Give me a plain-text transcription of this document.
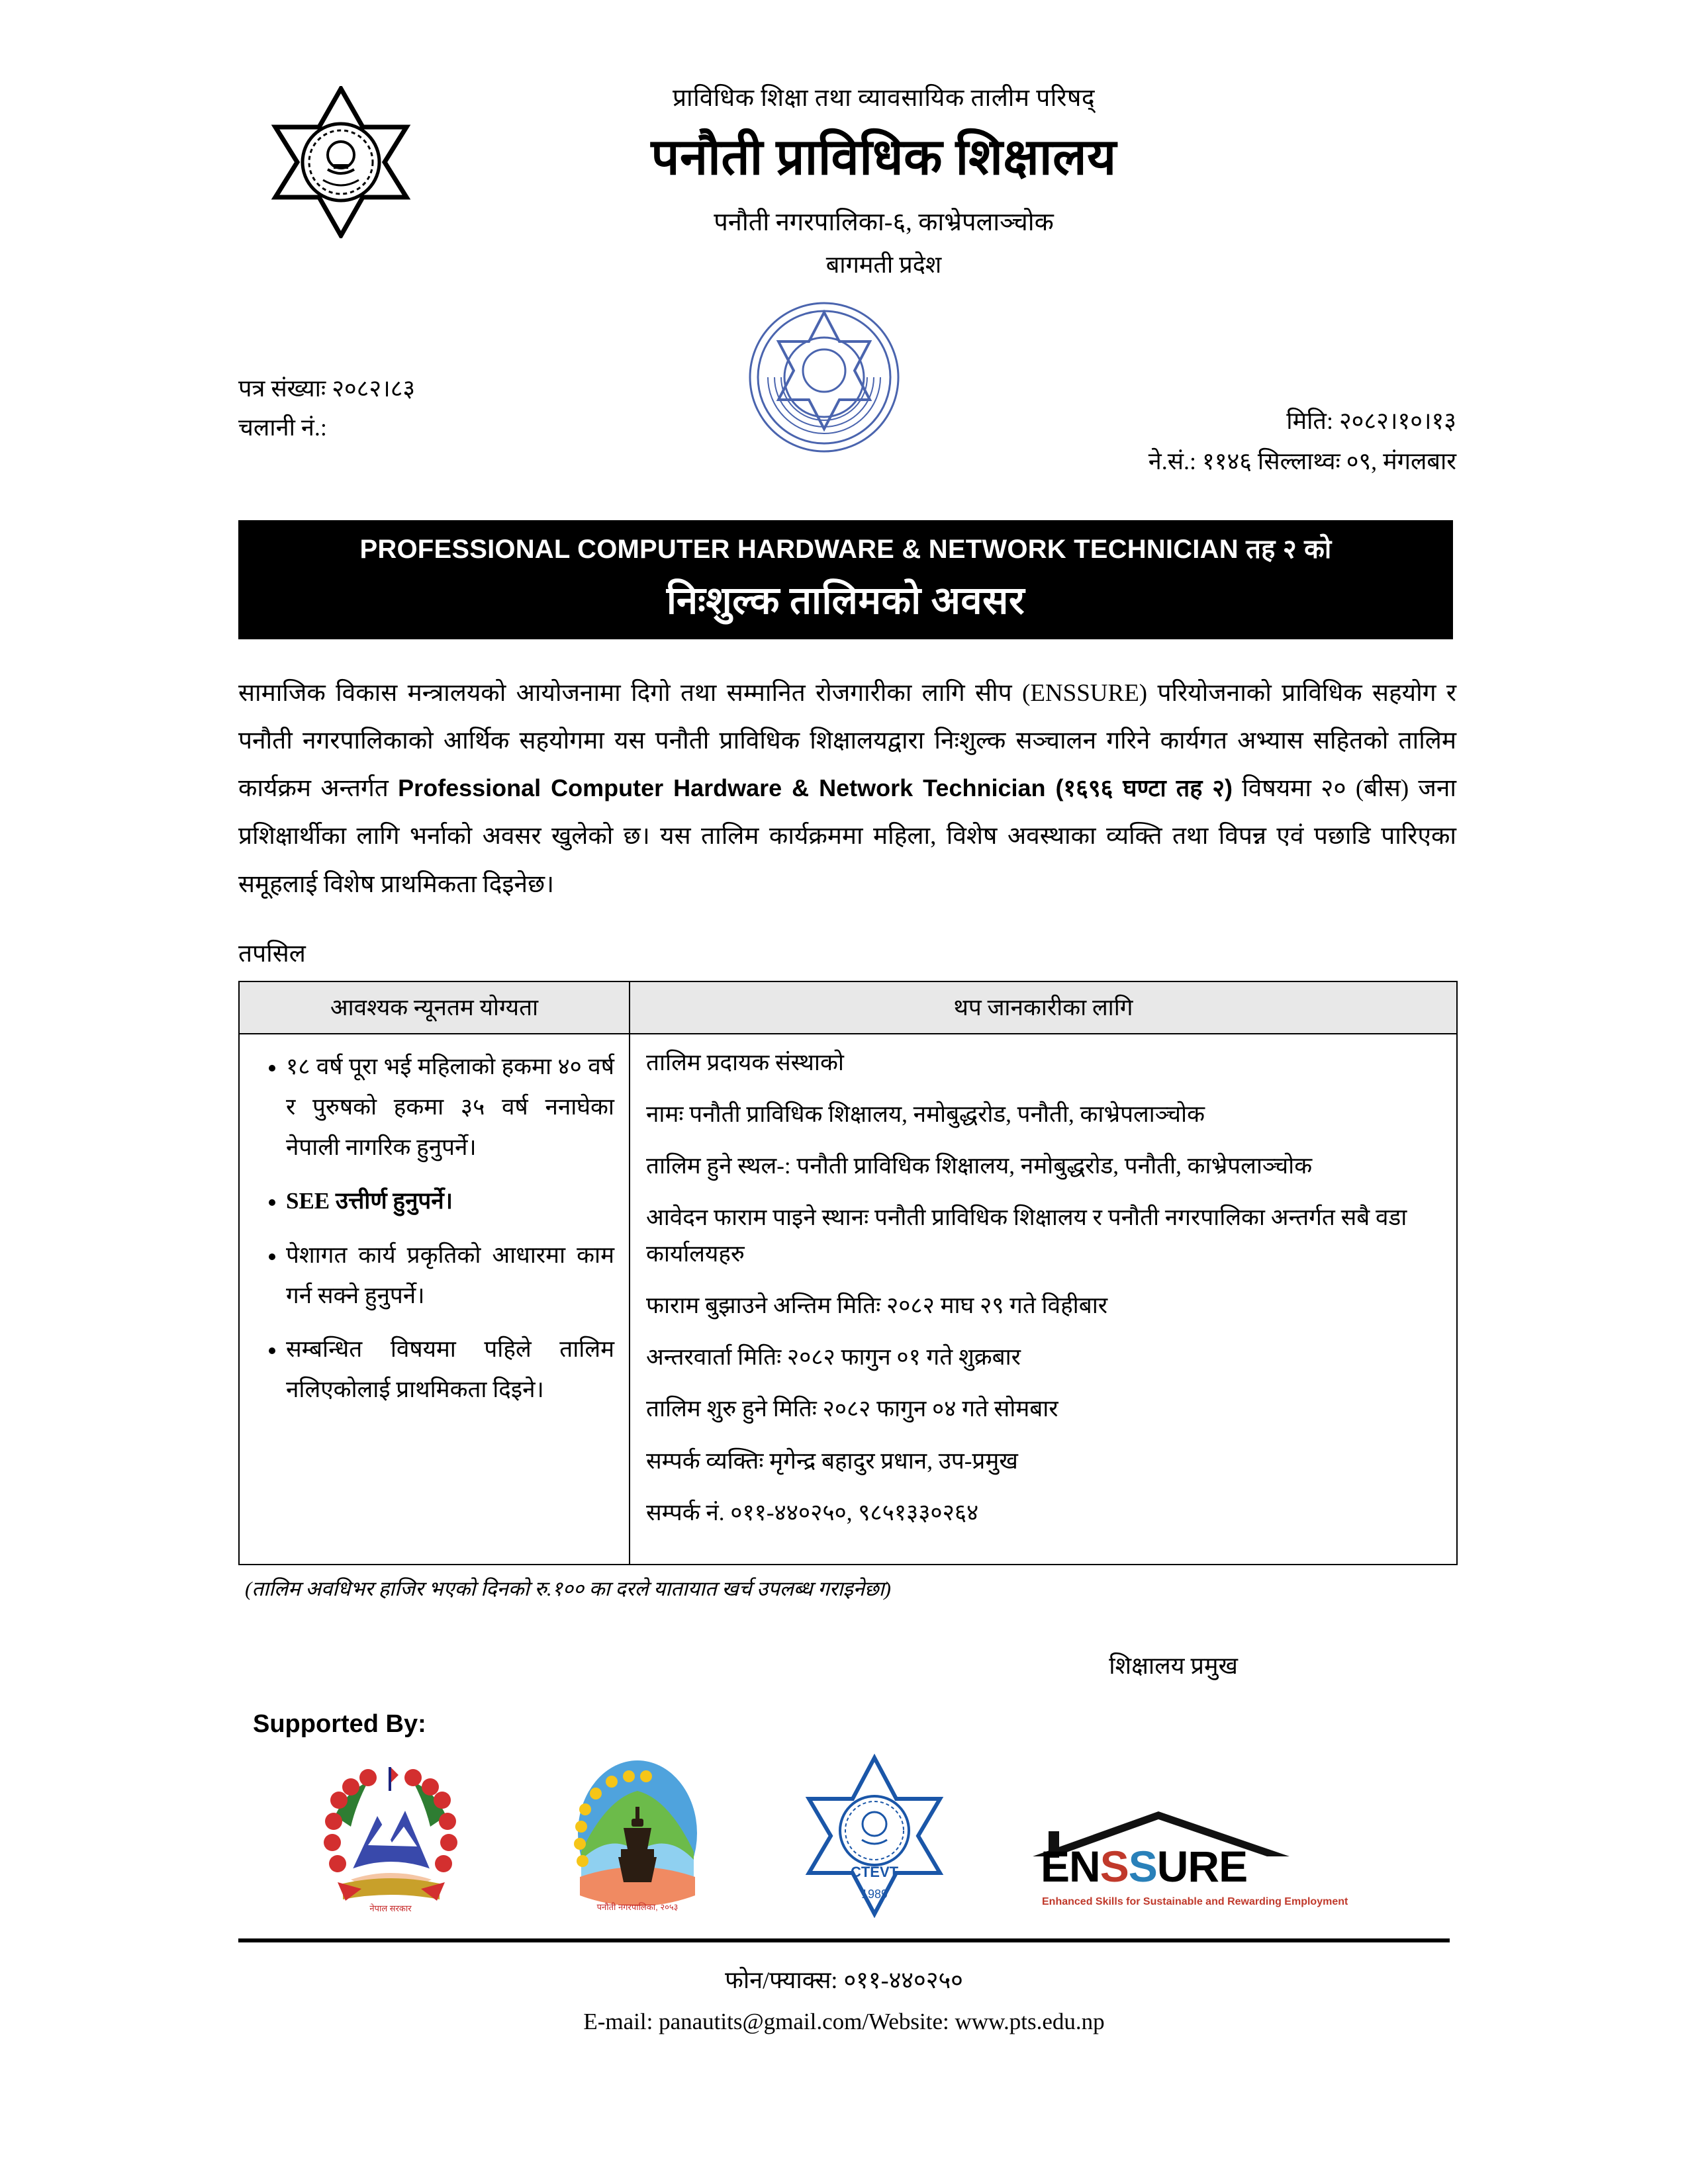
प्राविधिक शिक्षा तथा व्यावसायिक तालीम परिषद्
पनौती प्राविधिक शिक्षालय
पनौती नगरपालिका-६, काभ्रेपलाञ्चोक
बागमती प्रदेश
पत्र संख्याः २०८२।८३
चलानी नं.:	मिति: २०८२।१०।१३
ने.सं.: ११४६ सिल्लाथ्वः ०९, मंगलबार
PROFESSIONAL COMPUTER HARDWARE & NETWORK TECHNICIAN तह २ को
निःशुल्क तालिमको अवसर
सामाजिक विकास मन्त्रालयको आयोजनामा दिगो तथा सम्मानित रोजगारीका लागि सीप (ENSSURE) परियोजनाको प्राविधिक सहयोग र पनौती नगरपालिकाको आर्थिक सहयोगमा यस पनौती प्राविधिक शिक्षालयद्वारा निःशुल्क सञ्चालन गरिने कार्यगत अभ्यास सहितको तालिम कार्यक्रम अन्तर्गत Professional Computer Hardware & Network Technician (१६९६ घण्टा तह २) विषयमा २० (बीस) जना प्रशिक्षार्थीका लागि भर्नाको अवसर खुलेको छ। यस तालिम कार्यक्रममा महिला, विशेष अवस्थाका व्यक्ति तथा विपन्न एवं पछाडि पारिएका समूहलाई विशेष प्राथमिकता दिइनेछ।
तपसिल
आवश्यक न्यूनतम योग्यता	थप जानकारीका लागि

• १८ वर्ष पूरा भई महिलाको हकमा ४० वर्ष र पुरुषको हकमा ३५ वर्ष ननाघेका नेपाली नागरिक हुनुपर्ने।
• SEE उत्तीर्ण हुनुपर्ने।
• पेशागत कार्य प्रकृतिको आधारमा काम गर्न सक्ने हुनुपर्ने।
• सम्बन्धित विषयमा पहिले तालिम नलिएकोलाई प्राथमिकता दिइने।

तालिम प्रदायक संस्थाको
नामः पनौती प्राविधिक शिक्षालय, नमोबुद्धरोड, पनौती, काभ्रेपलाञ्चोक
तालिम हुने स्थल-: पनौती प्राविधिक शिक्षालय, नमोबुद्धरोड, पनौती, काभ्रेपलाञ्चोक
आवेदन फाराम पाइने स्थानः पनौती प्राविधिक शिक्षालय र पनौती नगरपालिका अन्तर्गत सबै वडा कार्यालयहरु
फाराम बुझाउने अन्तिम मितिः २०८२ माघ २९ गते विहीबार
अन्तरवार्ता मितिः २०८२ फागुन ०१ गते शुक्रबार
तालिम शुरु हुने मितिः २०८२ फागुन ०४ गते सोमबार
सम्पर्क व्यक्तिः मृगेन्द्र बहादुर प्रधान, उप-प्रमुख
सम्पर्क नं. ०११-४४०२५०, ९८५१३३०२६४
(तालिम अवधिभर हाजिर भएको दिनको रु.१०० का दरले यातायात खर्च उपलब्ध गराइनेछा)
शिक्षालय प्रमुख
Supported By:
नेपाल सरकार	पनौती नगरपालिका, २०५३
CTEVT
1989
ENSSURE
Enhanced Skills for Sustainable and Rewarding Employment
फोन/फ्याक्स: ०११-४४०२५०
E-mail: panautits@gmail.com/Website: www.pts.edu.np
